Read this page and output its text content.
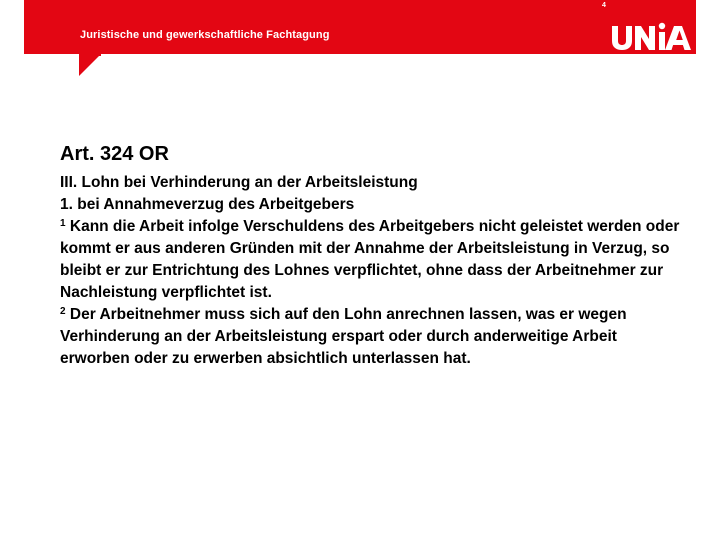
4
Juristische und gewerkschaftliche Fachtagung
Art. 324 OR

III. Lohn bei Verhinderung an der Arbeitsleistung

1. bei Annahmeverzug des Arbeitgebers

$^1$ Kann die Arbeit infolge Verschuldens des Arbeitgebers nicht geleistet werden oder kommt er aus anderen Gründen mit der Annahme der Arbeitsleistung in Verzug, so bleibt er zur Entrichtung des Lohnes verpflichtet, ohne dass der Arbeitnehmer zur Nachleistung verpflichtet ist.

$^2$ Der Arbeitnehmer muss sich auf den Lohn anrechnen lassen, was er wegen Verhinderung an der Arbeitsleistung erspart oder durch anderweitige Arbeit erworben oder zu erwerben absichtlich unterlassen hat.
